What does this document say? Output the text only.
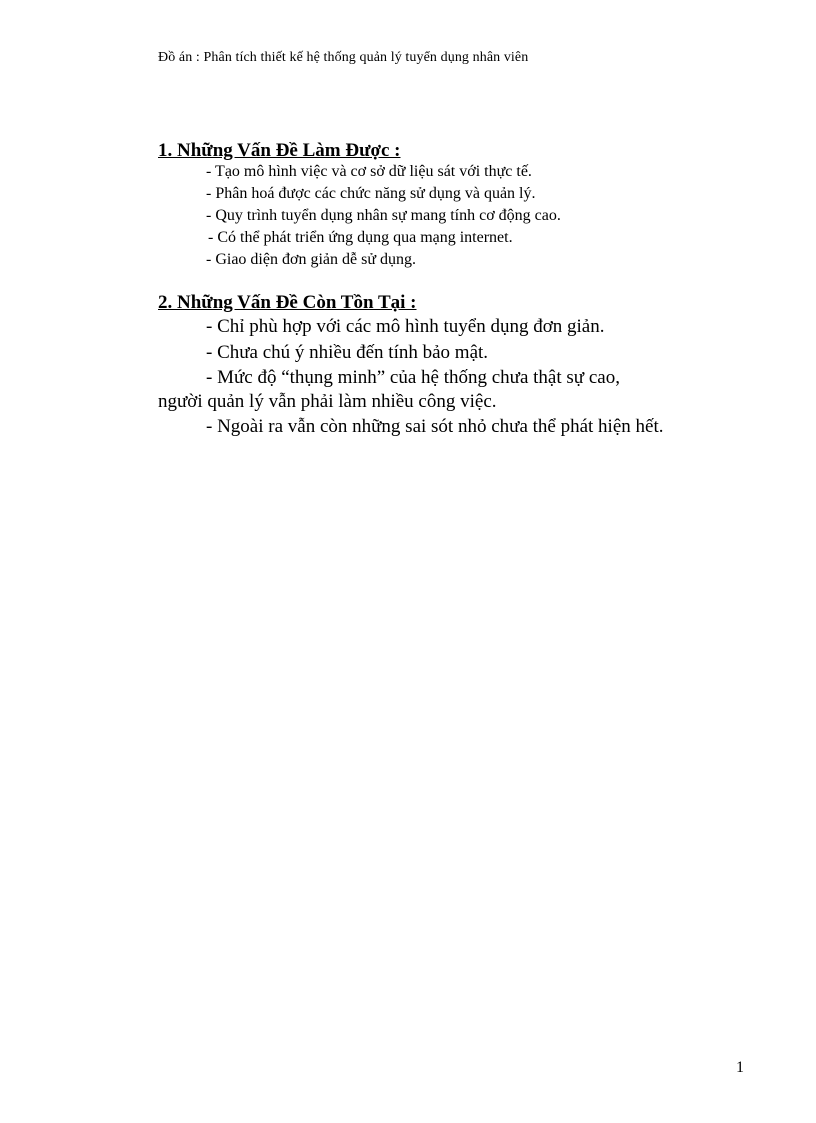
Đồ án : Phân tích thiết kế hệ thống quản lý tuyển dụng nhân viên
1. Những Vấn Đề Làm Được :
- Tạo mô hình việc và cơ sở dữ liệu sát với thực tế.
- Phân hoá được các chức năng sử dụng và quản lý.
- Quy trình tuyển dụng nhân sự mang tính cơ động cao.
- Có thể phát triển ứng dụng qua mạng internet.
- Giao diện đơn giản dễ sử dụng.
2. Những Vấn Đề Còn Tồn Tại :
- Chỉ phù hợp với các mô hình tuyển dụng đơn giản.
- Chưa chú ý nhiều đến tính bảo mật.
- Mức độ “thụng minh” của hệ thống chưa thật sự cao,
người quản lý vẫn phải làm nhiều công việc.
- Ngoài ra vẫn còn những sai sót nhỏ chưa thể phát hiện hết.
1
